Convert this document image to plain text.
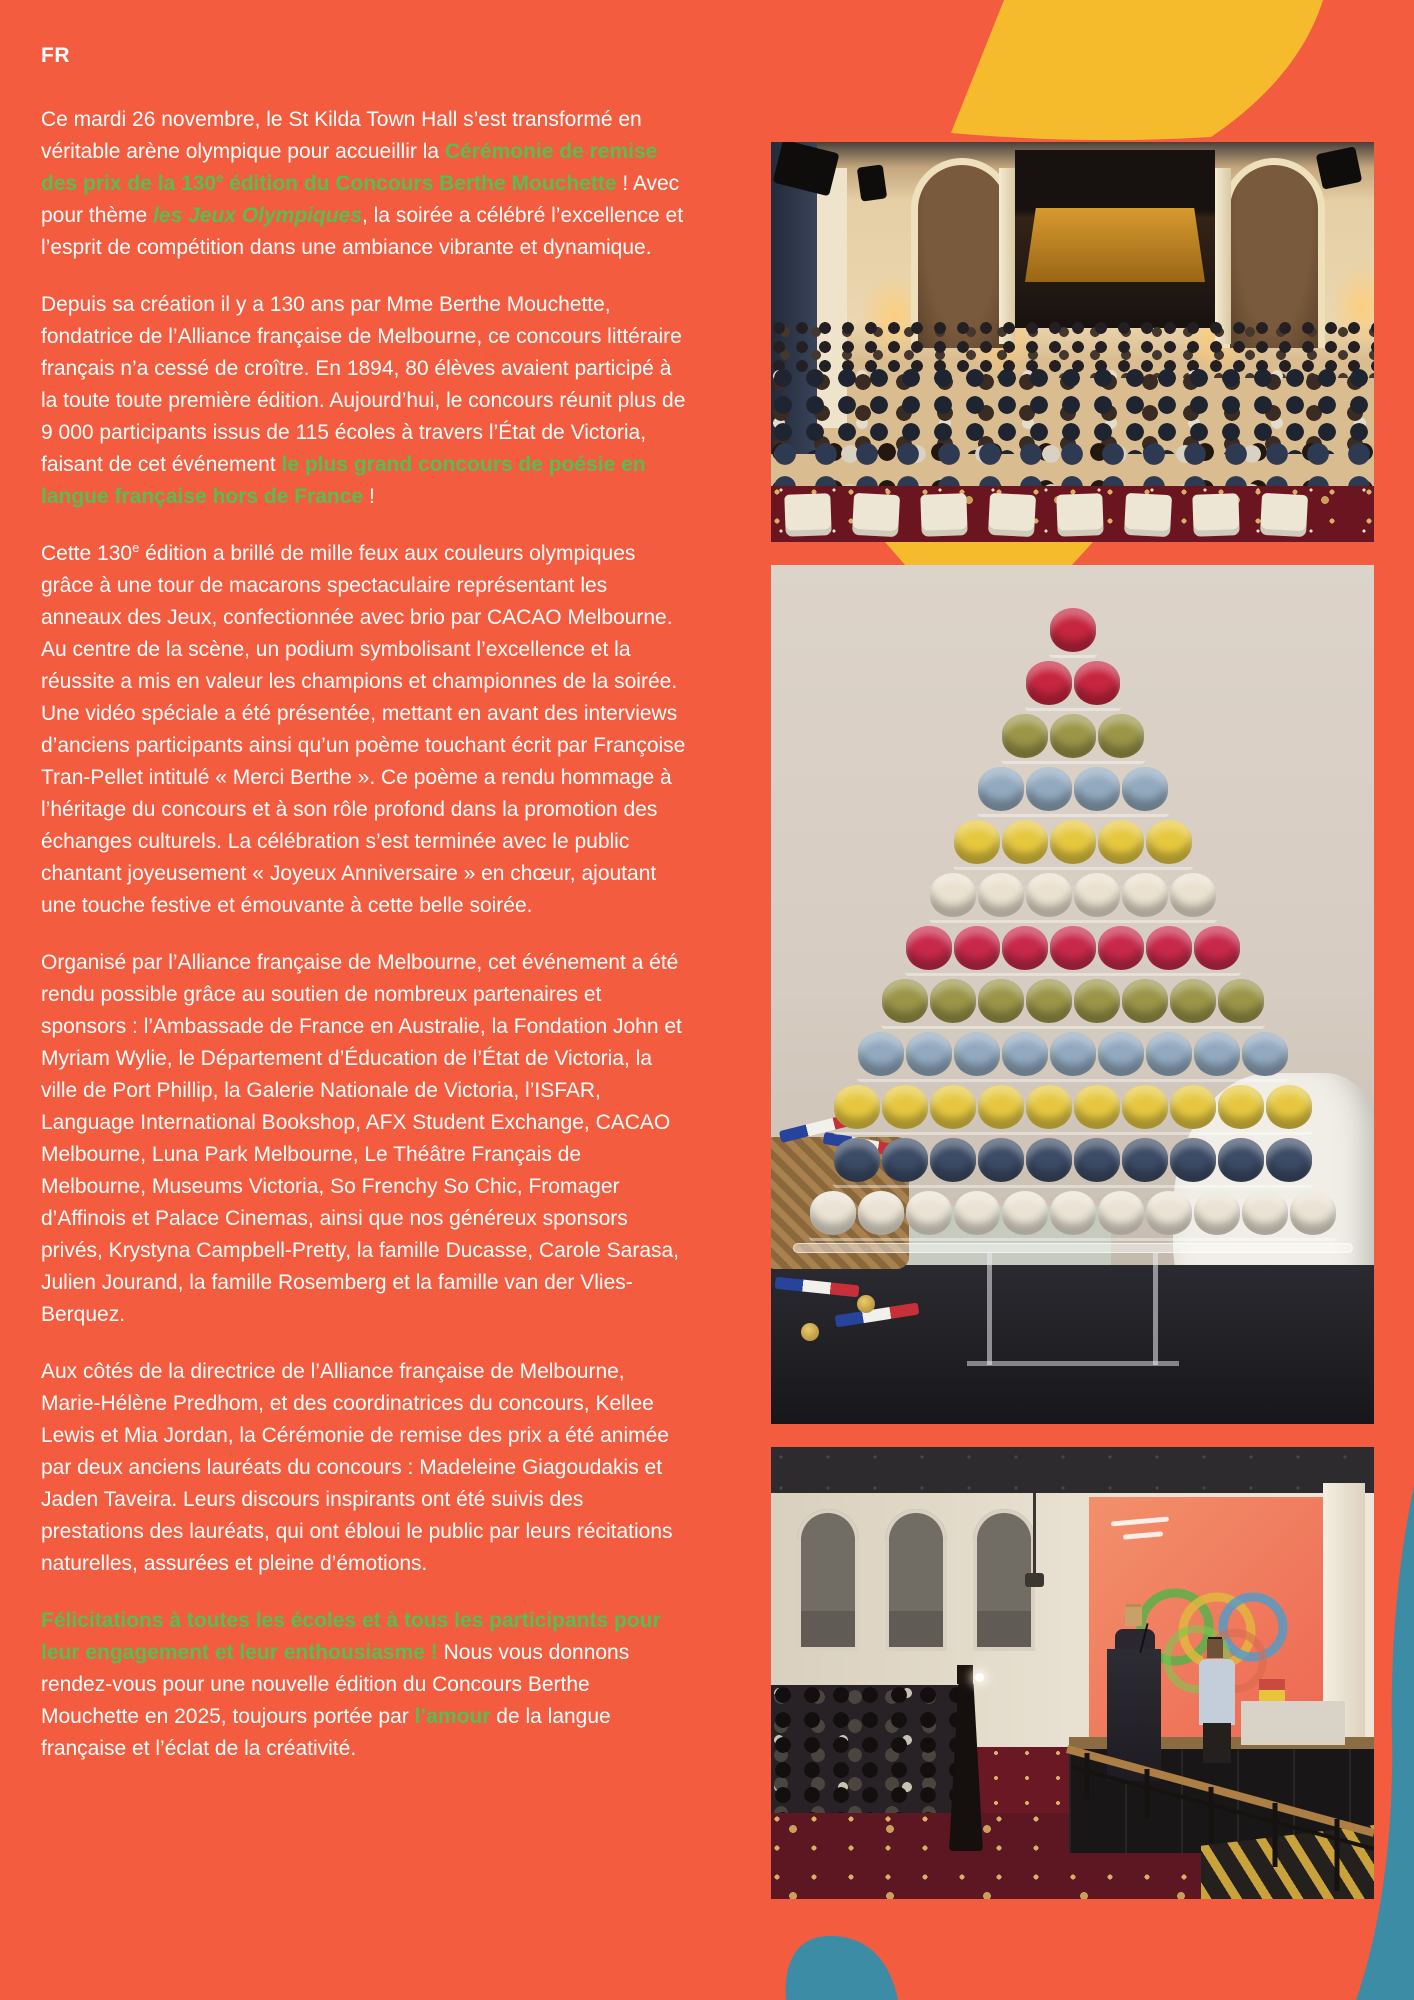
FR

Ce mardi 26 novembre, le St Kilda Town Hall s’est transformé en véritable arène olympique pour accueillir la Cérémonie de remise des prix de la 130e édition du Concours Berthe Mouchette ! Avec pour thème les Jeux Olympiques, la soirée a célébré l’excellence et l’esprit de compétition dans une ambiance vibrante et dynamique.

Depuis sa création il y a 130 ans par Mme Berthe Mouchette, fondatrice de l’Alliance française de Melbourne, ce concours littéraire français n’a cessé de croître. En 1894, 80 élèves avaient participé à la toute toute première édition. Aujourd’hui, le concours réunit plus de 9 000 participants issus de 115 écoles à travers l’État de Victoria, faisant de cet événement le plus grand concours de poésie en langue française hors de France !

Cette 130e édition a brillé de mille feux aux couleurs olympiques grâce à une tour de macarons spectaculaire représentant les anneaux des Jeux, confectionnée avec brio par CACAO Melbourne. Au centre de la scène, un podium symbolisant l’excellence et la réussite a mis en valeur les champions et championnes de la soirée. Une vidéo spéciale a été présentée, mettant en avant des interviews d’anciens participants ainsi qu’un poème touchant écrit par Françoise Tran-Pellet intitulé « Merci Berthe ». Ce poème a rendu hommage à l’héritage du concours et à son rôle profond dans la promotion des échanges culturels. La célébration s’est terminée avec le public chantant joyeusement « Joyeux Anniversaire » en chœur, ajoutant une touche festive et émouvante à cette belle soirée.

Organisé par l’Alliance française de Melbourne, cet événement a été rendu possible grâce au soutien de nombreux partenaires et sponsors : l’Ambassade de France en Australie, la Fondation John et Myriam Wylie, le Département d’Éducation de l’État de Victoria, la ville de Port Phillip, la Galerie Nationale de Victoria, l’ISFAR, Language International Bookshop, AFX Student Exchange, CACAO Melbourne, Luna Park Melbourne, Le Théâtre Français de Melbourne, Museums Victoria, So Frenchy So Chic, Fromager d’Affinois et Palace Cinemas, ainsi que nos généreux sponsors privés, Krystyna Campbell-Pretty, la famille Ducasse, Carole Sarasa, Julien Jourand, la famille Rosemberg et la famille van der Vlies-Berquez.

Aux côtés de la directrice de l’Alliance française de Melbourne, Marie-Hélène Predhom, et des coordinatrices du concours, Kellee Lewis et Mia Jordan, la Cérémonie de remise des prix a été animée par deux anciens lauréats du concours : Madeleine Giagoudakis et Jaden Taveira. Leurs discours inspirants ont été suivis des prestations des lauréats, qui ont ébloui le public par leurs récitations naturelles, assurées et pleine d’émotions.

Félicitations à toutes les écoles et à tous les participants pour leur engagement et leur enthousiasme ! Nous vous donnons rendez-vous pour une nouvelle édition du Concours Berthe Mouchette en 2025, toujours portée par l’amour de la langue française et l’éclat de la créativité.
